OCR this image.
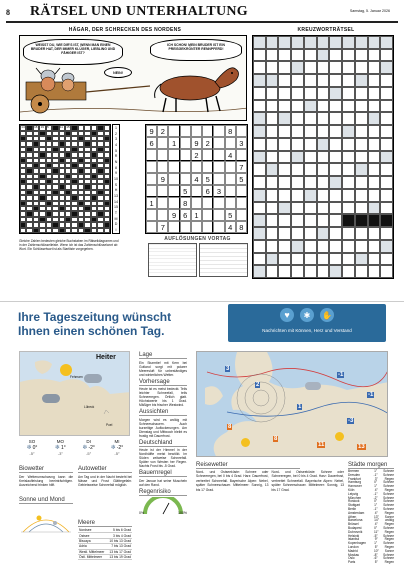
8 RÄTSEL UND UNTERHALTUNG	Samstag, 5. Januar 2026
HÄGAR, DER SCHRECKEN DES NORDENS
WEISST DU, WIE DIR'S IST, WENN MAN EINEN BRUDER HAT, DER IMMER KLÜGER, LIEBLING UND FÄHIGER IST?
NEIN!
ICH SCHON! MEIN BRUDER IST EIN PREISGEKRÖNTER RENNPFERD!
14	17	18	19	5	17	11	15	1	1
2
3
4
5
R
N
8
9
10
S
H
13
14
15
T
M
D
I
Gleiche Zahlen bedeuten gleiche Buchstaben im Rätselidiagramm und in der Zahlenschlüsselleiste. Wenn ich ist das Zahlenschlüsselwort ab Wort. Ein Schlüsselwort ist als Startliste vorgegeben.
9 2	8
6	1	9 2	3
2	4
7
9	4 5	5
5	6 3
1	8
9 6 1	5
7	4 8
AUFLÖSUNGEN VORTAG
KREUZWORTRÄTSEL
Ihre Tageszeitung wünscht
Ihnen einen schönen Tag.
♥	✱	✋
Nachrichten mit Können, Herz und Verstand
Heiter
Fehmarn
Lübeck
Poel
SO
❄ 0°
-5°
MO
❄ 1°
-3°
DI
❄ -2°
-5°
MI
❄ -2°
-5°
Biowetter

Der Wetterumschwung kann die Kreislaufleistung beeinträchtigen. Ausreichend trinken hilft.

Autowetter

Am Tag und in der Nacht besteht bei Nässe und Frost Glättegefahr. Gebietsweise Schneefall möglich.

Sonne und Mond
Meere
Nordsee	5 bis 6 Grad
Ostsee	3 bis 4 Grad
Biscaya	10 bis 13 Grad
Adria	7 bis 13 Grad
Westl. Mittelmeer	13 bis 17 Grad
Östl. Mittelmeer	13 bis 19 Grad
Lage

Ein Sturmtief mit Kern bei Gotland sorgt mit polarer Meeresluft für unbeständiges und winterliches Wetter.

Vorhersage

Heute ist es meist bedeckt. Teils leichter Schneefall, teils Schneeregen. Örtlich glatt. Höchstwerte bis 1 Grad. Mäßiger bis frischer Westwind.

Aussichten

Morgen wird es wolkig mit Schneeschauern. Auch kurzeitige Auflockerungen. Am Dienstag und Mittwoch bleibt es frostig mit Dauerfrost.

Deutschland

Heute ist der Himmel in der Nordhälfte meist bewölkt. Im Süden zeitweise Schneefall. Später von Westen her Regen. Nachts Frost bis -5 Grad.

Bauernregel

Der Januar hat seine Muscheln auf den Rand.

Regenrisiko
0%	100%
3
2
-1
-1
1
-3
8
8
11	13
Reisewetter

Nord- und Ostseeküste: Schnee oder Schneeregen, bei 0 bis 4 Grad. Harz: Dauerfrost, verbreitet Schneefall. Bayerische Alpen: Nebel, später Schneeschauer. Mittelmeer: Sonnig, 13 bis 17 Grad.

Nord- und Ostseeküste: Schnee oder Schneeregen, bei 0 bis 4 Grad. Harz: Dauerfrost, verbreitet Schneefall. Bayerische Alpen: Nebel, später Schneeschauer. Mittelmeer: Sonnig, 13 bis 17 Grad.

Städte morgen
Bremen	1° Schnee
Dresden	-1° Schnee
Frankfurt	3° Regen
Hamburg	0° Schnee
Hannover	1° Schnee
Köln	4° Regen
Leipzig	-1° Schnee
München	-2° Schnee
Rostock	0° Schnee
Stuttgart	1° Schnee
Berlin	-1° Schnee
Amsterdam	4° Regen
Athen	13° Sonne
Barcelona	14° wolkig
Brüssel	4° Regen
Budapest	0° Schnee
Dubrovnik	11° Regen
Helsinki	-5° Schnee
Istanbul	9° Regen
Kopenhagen	1° Schnee
London	5° Regen
Madrid	10° Sonne
Moskau	-8° Schnee
Oslo	-6° Schnee
Paris	5° Regen
